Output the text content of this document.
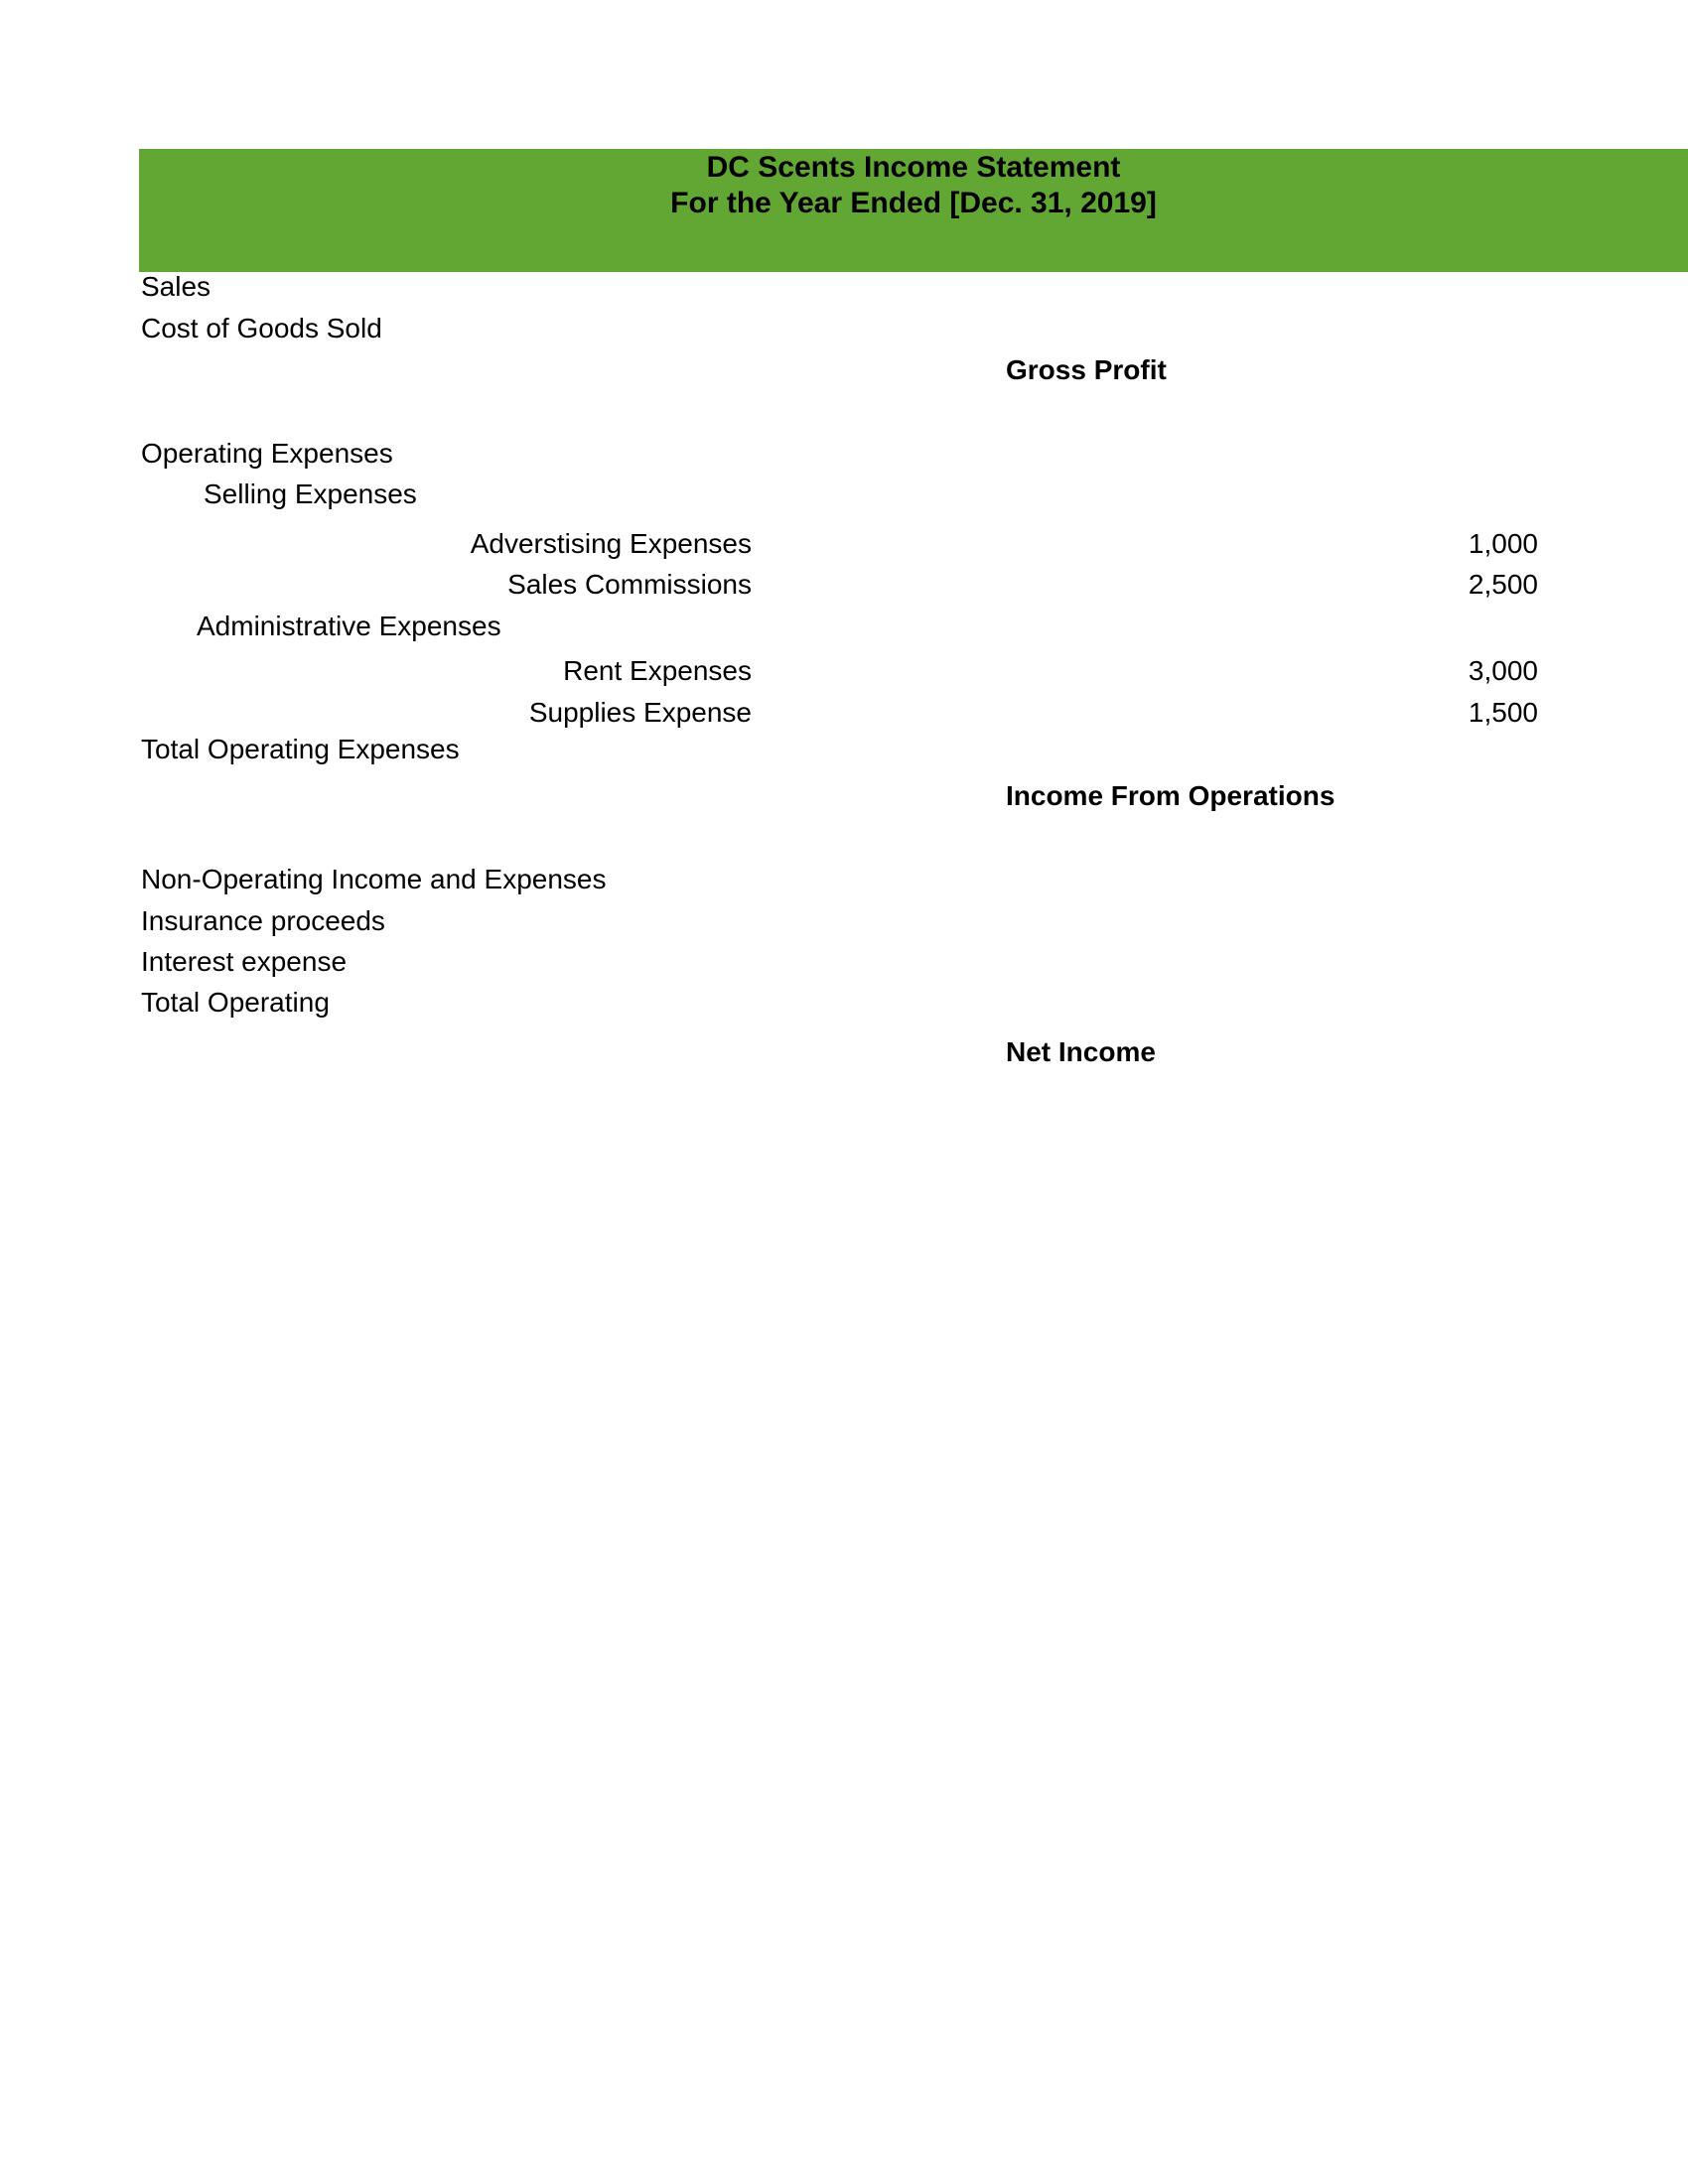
DC Scents Income Statement
For the Year Ended [Dec. 31, 2019]
Sales
Cost of Goods Sold
Gross Profit
Operating Expenses
Selling Expenses
Adverstising Expenses	1,000
Sales Commissions	2,500
Administrative Expenses
Rent Expenses	3,000
Supplies Expense	1,500
Total Operating Expenses
Income From Operations
Non-Operating Income and Expenses
Insurance proceeds
Interest expense
Total Operating
Net Income
